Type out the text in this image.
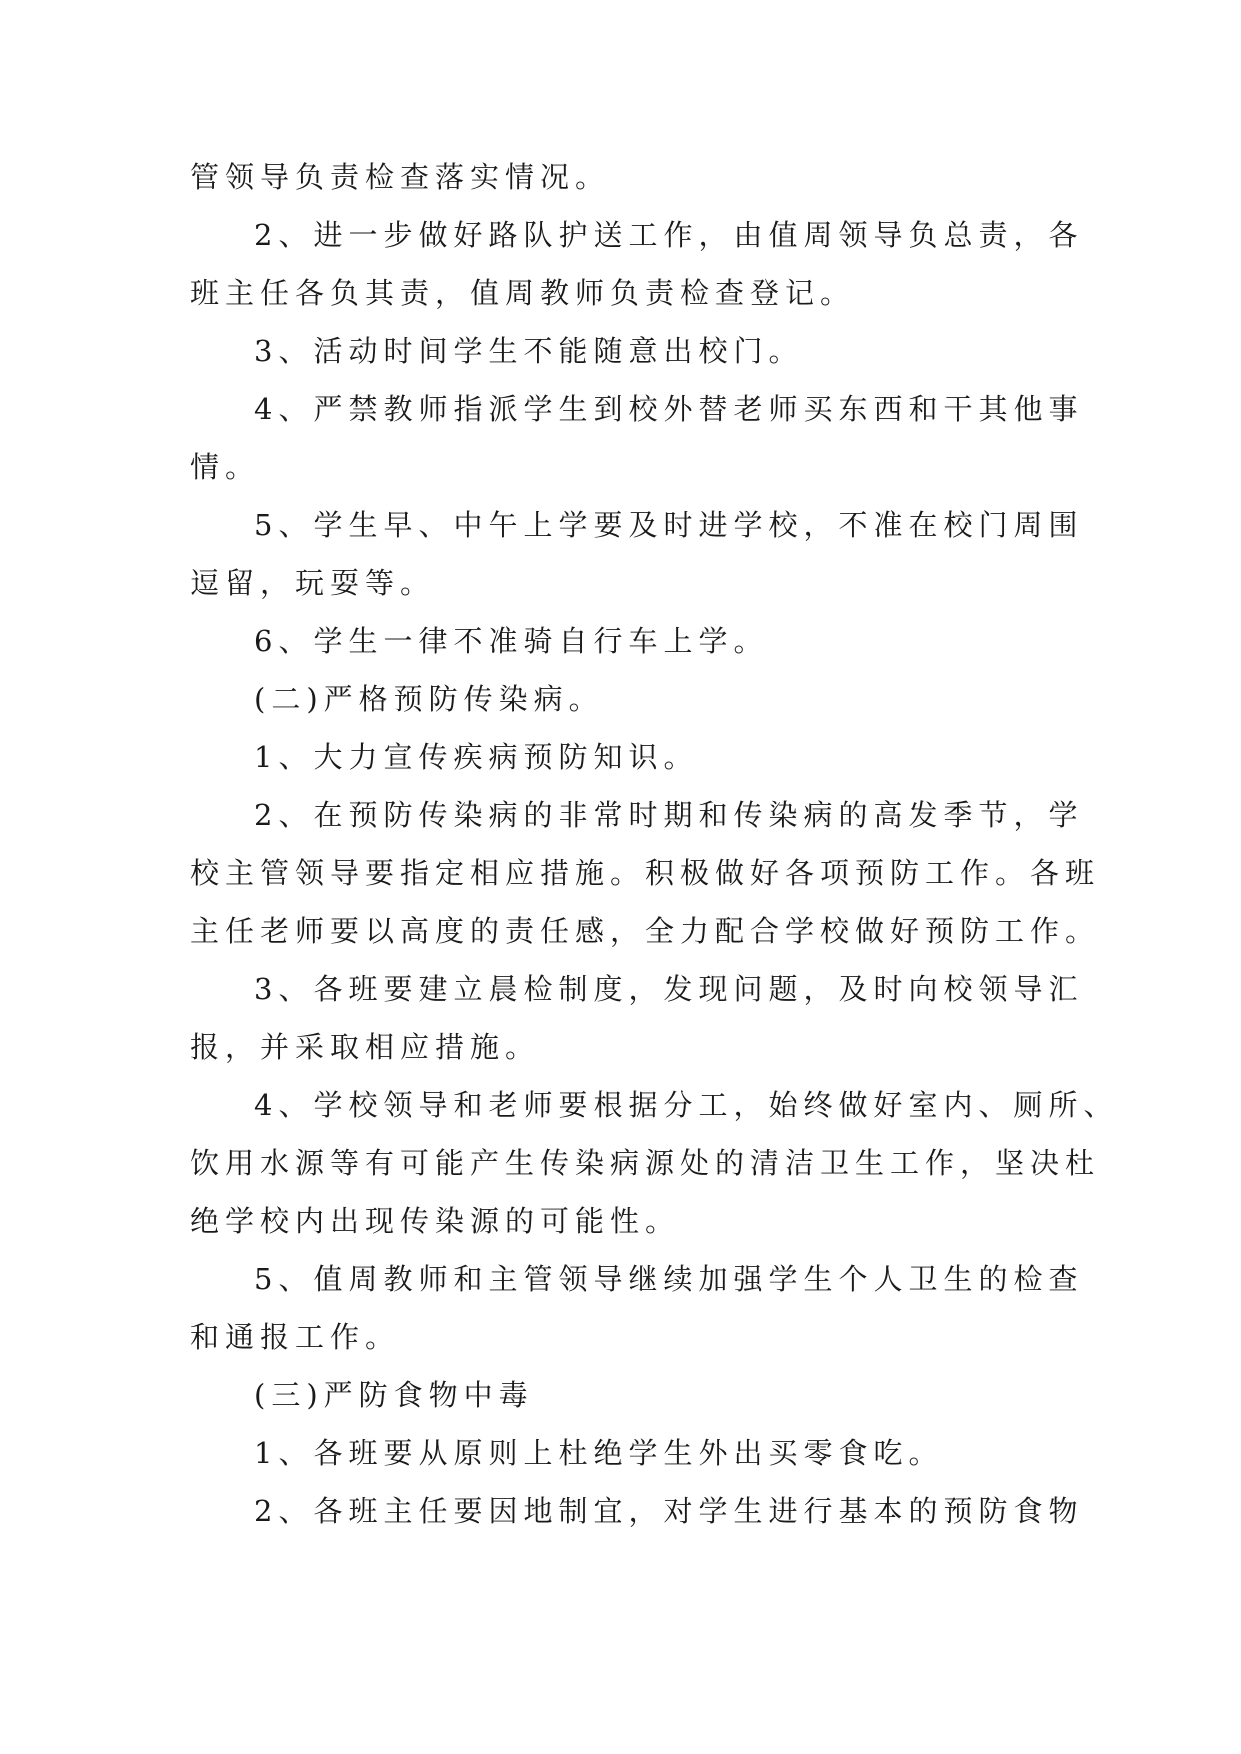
管领导负责检查落实情况。
2、进一步做好路队护送工作，由值周领导负总责，各
班主任各负其责，值周教师负责检查登记。
3、活动时间学生不能随意出校门。
4、严禁教师指派学生到校外替老师买东西和干其他事
情。
5、学生早、中午上学要及时进学校，不准在校门周围
逗留，玩耍等。
6、学生一律不准骑自行车上学。
(二)严格预防传染病。
1、大力宣传疾病预防知识。
2、在预防传染病的非常时期和传染病的高发季节，学
校主管领导要指定相应措施。积极做好各项预防工作。各班
主任老师要以高度的责任感，全力配合学校做好预防工作。
3、各班要建立晨检制度，发现问题，及时向校领导汇
报，并采取相应措施。
4、学校领导和老师要根据分工，始终做好室内、厕所、
饮用水源等有可能产生传染病源处的清洁卫生工作，坚决杜
绝学校内出现传染源的可能性。
5、值周教师和主管领导继续加强学生个人卫生的检查
和通报工作。
(三)严防食物中毒
1、各班要从原则上杜绝学生外出买零食吃。
2、各班主任要因地制宜，对学生进行基本的预防食物
